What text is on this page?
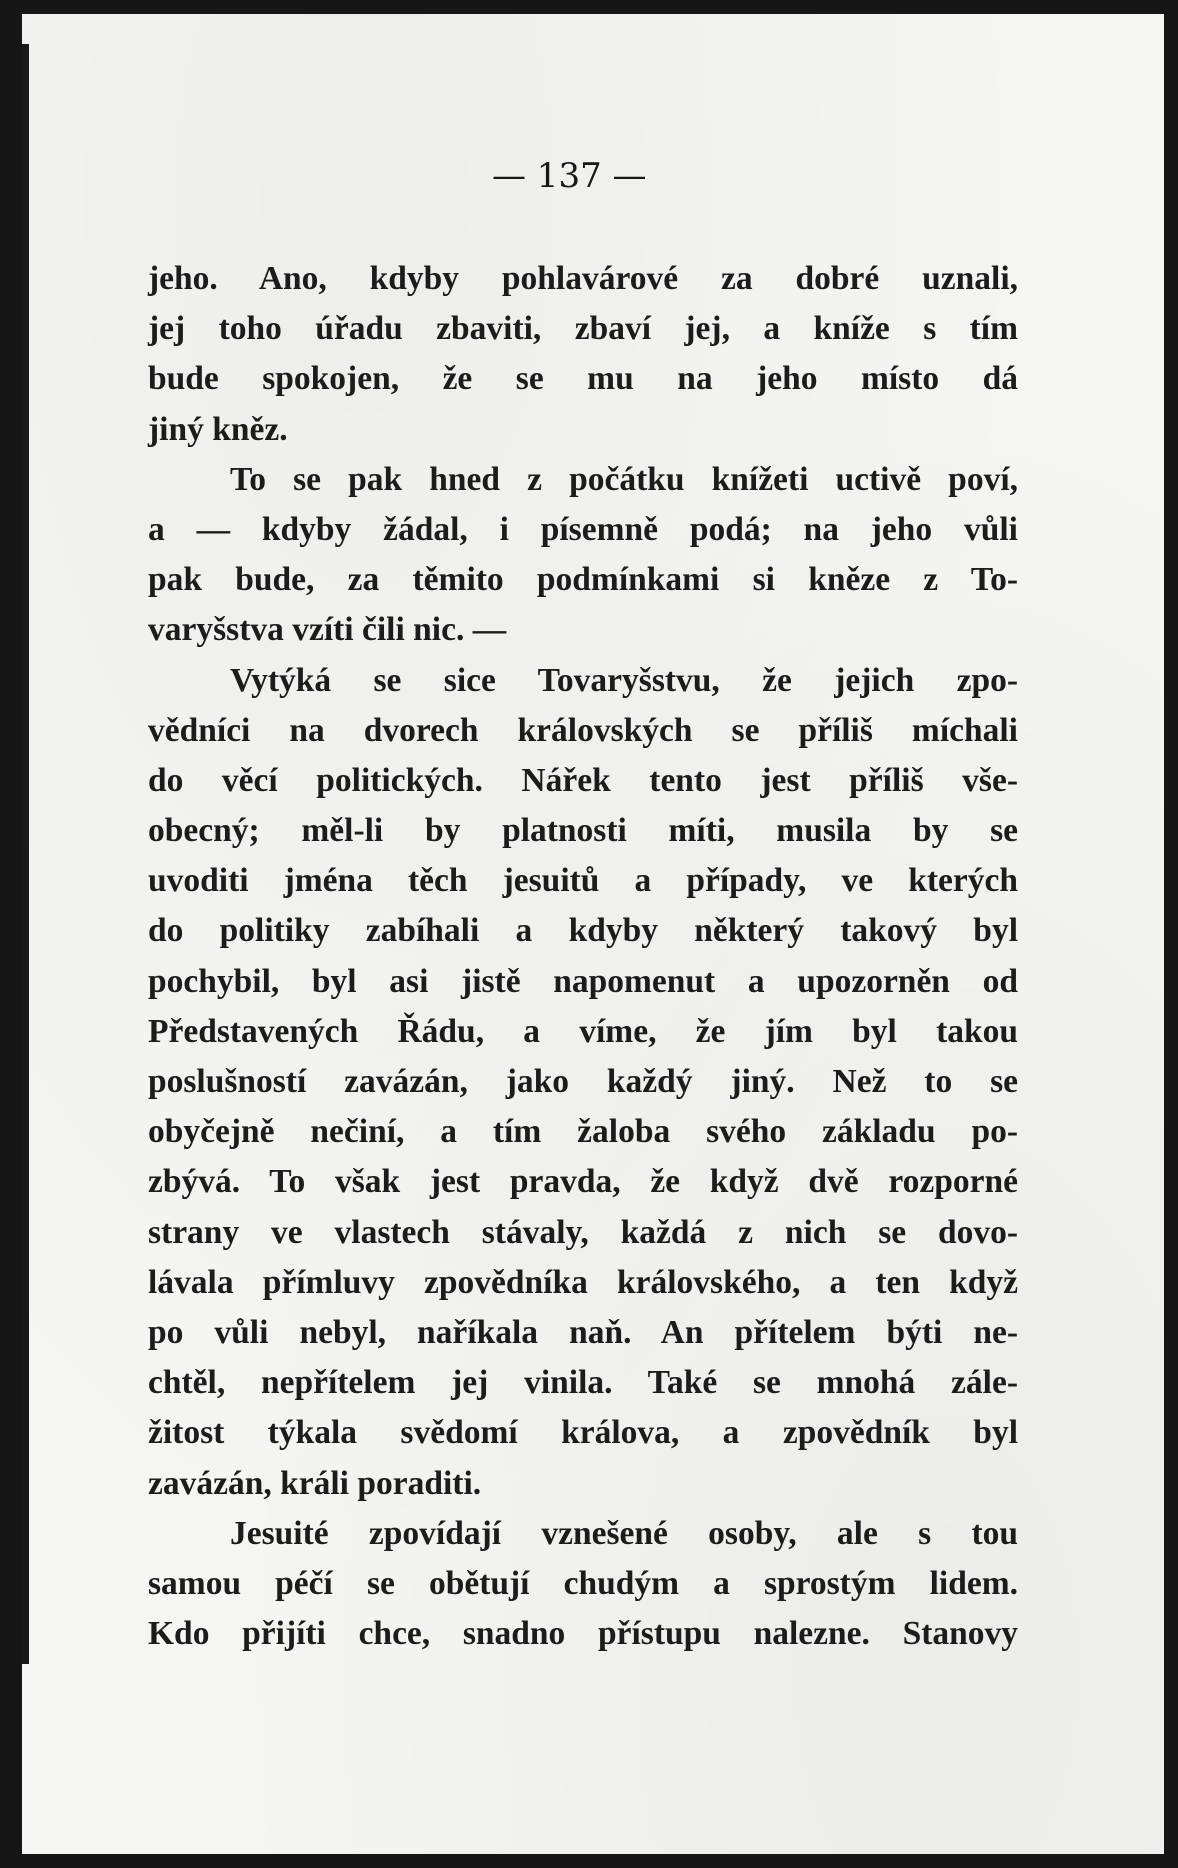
— 137 —
jeho. Ano, kdyby pohlavárové za dobré uznali,
jej toho úřadu zbaviti, zbaví jej, a kníže s tím
bude spokojen, že se mu na jeho místo dá
jiný kněz.
To se pak hned z počátku knížeti uctivě poví,
a — kdyby žádal, i písemně podá; na jeho vůli
pak bude, za těmito podmínkami si kněze z To-
varyšstva vzíti čili nic. —
Vytýká se sice Tovaryšstvu, že jejich zpo-
vědníci na dvorech královských se příliš míchali
do věcí politických. Nářek tento jest příliš vše-
obecný; měl-li by platnosti míti, musila by se
uvoditi jména těch jesuitů a případy, ve kterých
do politiky zabíhali a kdyby některý takový byl
pochybil, byl asi jistě napomenut a upozorněn od
Představených Řádu, a víme, že jím byl takou
poslušností zavázán, jako každý jiný. Než to se
obyčejně nečiní, a tím žaloba svého základu po-
zbývá. To však jest pravda, že když dvě rozporné
strany ve vlastech stávaly, každá z nich se dovo-
lávala přímluvy zpovědníka královského, a ten když
po vůli nebyl, naříkala naň. An přítelem býti ne-
chtěl, nepřítelem jej vinila. Také se mnohá zále-
žitost týkala svědomí králova, a zpovědník byl
zavázán, králi poraditi.
Jesuité zpovídají vznešené osoby, ale s tou
samou péčí se obětují chudým a sprostým lidem.
Kdo přijíti chce, snadno přístupu nalezne. Stanovy
